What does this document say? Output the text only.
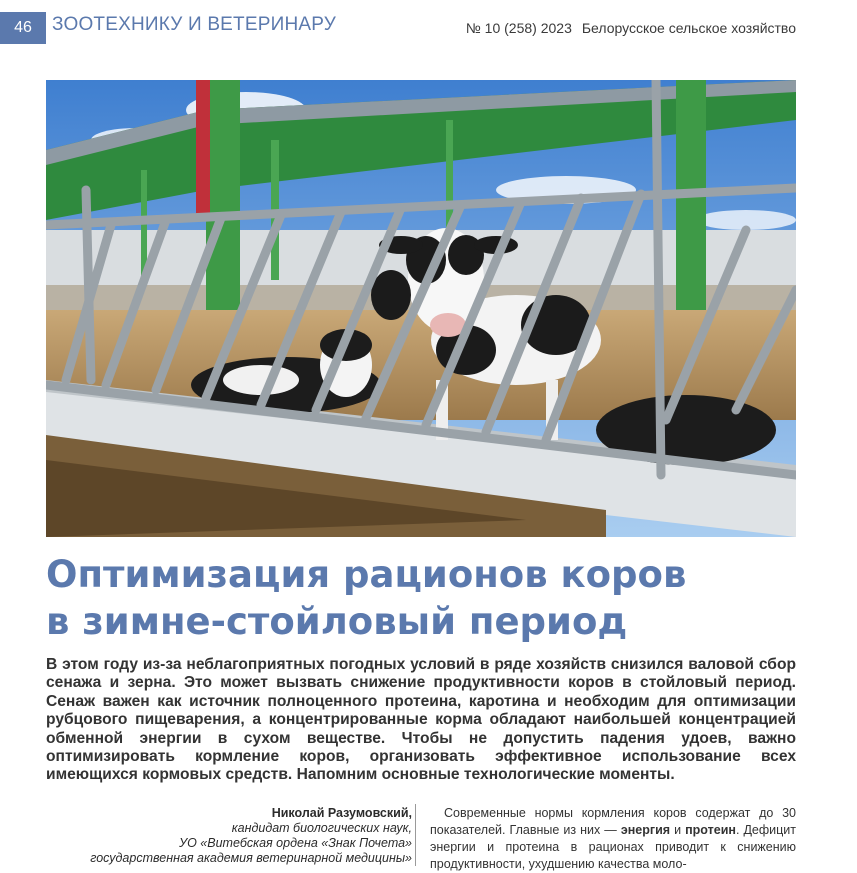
46	ЗООТЕХНИКУ И ВЕТЕРИНАРУ	№ 10 (258) 2023 Белорусское сельское хозяйство
Оптимизация рационов коров
в зимне-стойловый период

В этом году из-за неблагоприятных погодных условий в ряде хозяйств снизился валовой сбор сенажа и зерна. Это может вызвать снижение продуктивности коров в стойловый период. Сенаж важен как источник полноценного протеина, каротина и необходим для оптимизации рубцового пищеварения, а концентрированные корма обладают наибольшей концентрацией обменной энергии в сухом веществе. Чтобы не допустить падения удоев, важно оптимизировать кормление коров, организовать эффективное использование всех имеющихся кормовых средств. Напомним основные технологические моменты.

Николай Разумовский,
кандидат биологических наук,
УО «Витебская ордена «Знак Почета»
государственная академия ветеринарной медицины»

Современные нормы кормления коров содержат до 30 показателей. Главные из них — энергия и протеин. Дефицит энергии и протеина в рационах приводит к снижению продуктивности, ухудшению качества моло-
